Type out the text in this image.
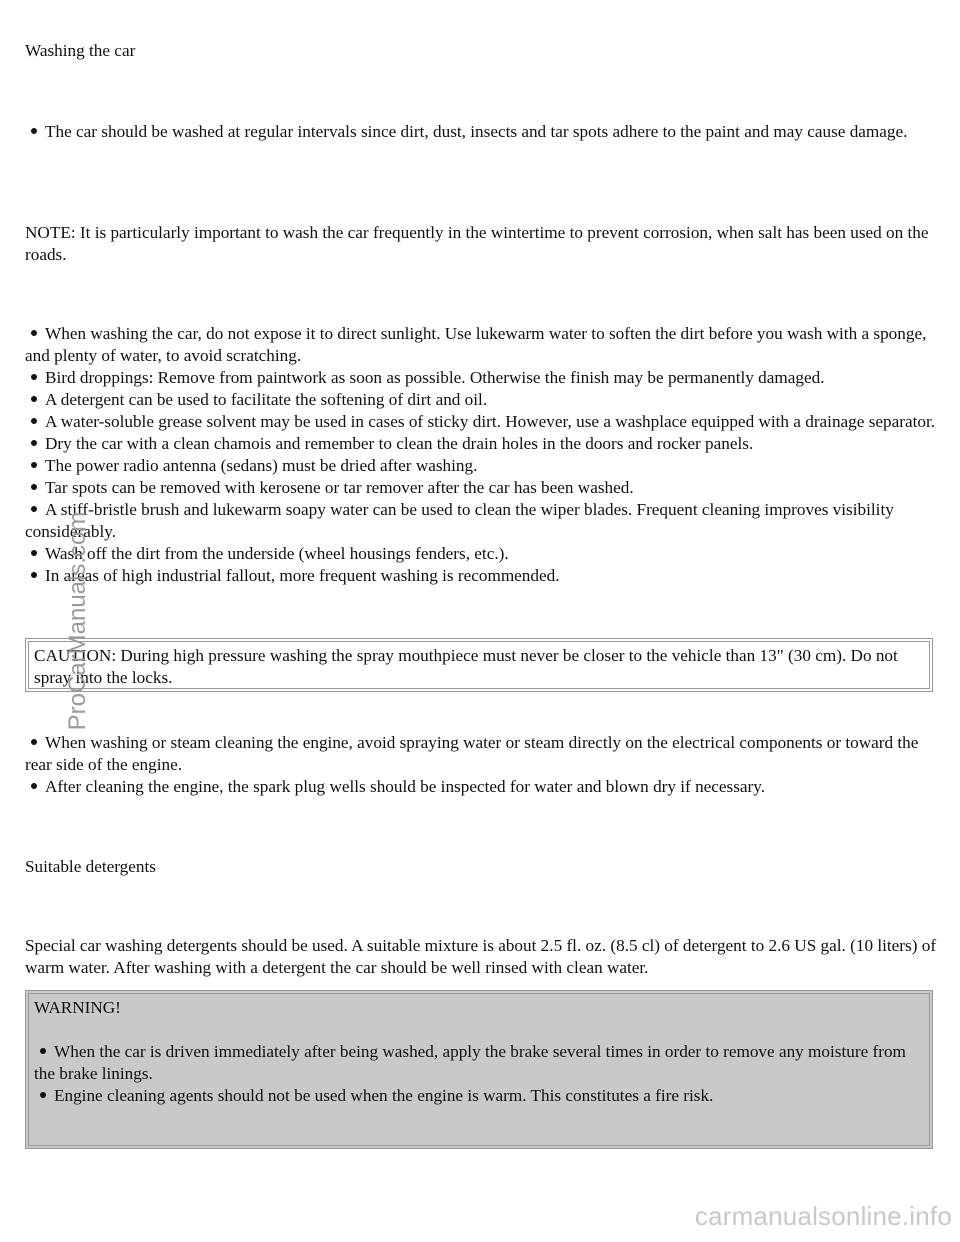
Washing the car

The car should be washed at regular intervals since dirt, dust, insects and tar spots adhere to the paint and may cause damage.

NOTE: It is particularly important to wash the car frequently in the wintertime to prevent corrosion, when salt has been used on the roads.

When washing the car, do not expose it to direct sunlight. Use lukewarm water to soften the dirt before you wash with a sponge, and plenty of water, to avoid scratching.
Bird droppings: Remove from paintwork as soon as possible. Otherwise the finish may be permanently damaged.
A detergent can be used to facilitate the softening of dirt and oil.
A water-soluble grease solvent may be used in cases of sticky dirt. However, use a washplace equipped with a drainage separator.
Dry the car with a clean chamois and remember to clean the drain holes in the doors and rocker panels.
The power radio antenna (sedans) must be dried after washing.
Tar spots can be removed with kerosene or tar remover after the car has been washed.
A stiff-bristle brush and lukewarm soapy water can be used to clean the wiper blades. Frequent cleaning improves visibility considerably.
Wash off the dirt from the underside (wheel housings fenders, etc.).
In areas of high industrial fallout, more frequent washing is recommended.
CAUTION: During high pressure washing the spray mouthpiece must never be closer to the vehicle than 13" (30 cm). Do not spray into the locks.
When washing or steam cleaning the engine, avoid spraying water or steam directly on the electrical components or toward the rear side of the engine.
After cleaning the engine, the spark plug wells should be inspected for water and blown dry if necessary.

Suitable detergents

Special car washing detergents should be used. A suitable mixture is about 2.5 fl. oz. (8.5 cl) of detergent to 2.6 US gal. (10 liters) of warm water. After washing with a detergent the car should be well rinsed with clean water.

WARNING!
When the car is driven immediately after being washed, apply the brake several times in order to remove any moisture from the brake linings.
Engine cleaning agents should not be used when the engine is warm. This constitutes a fire risk.
ProCarManuals.com
carmanualsonline.info
